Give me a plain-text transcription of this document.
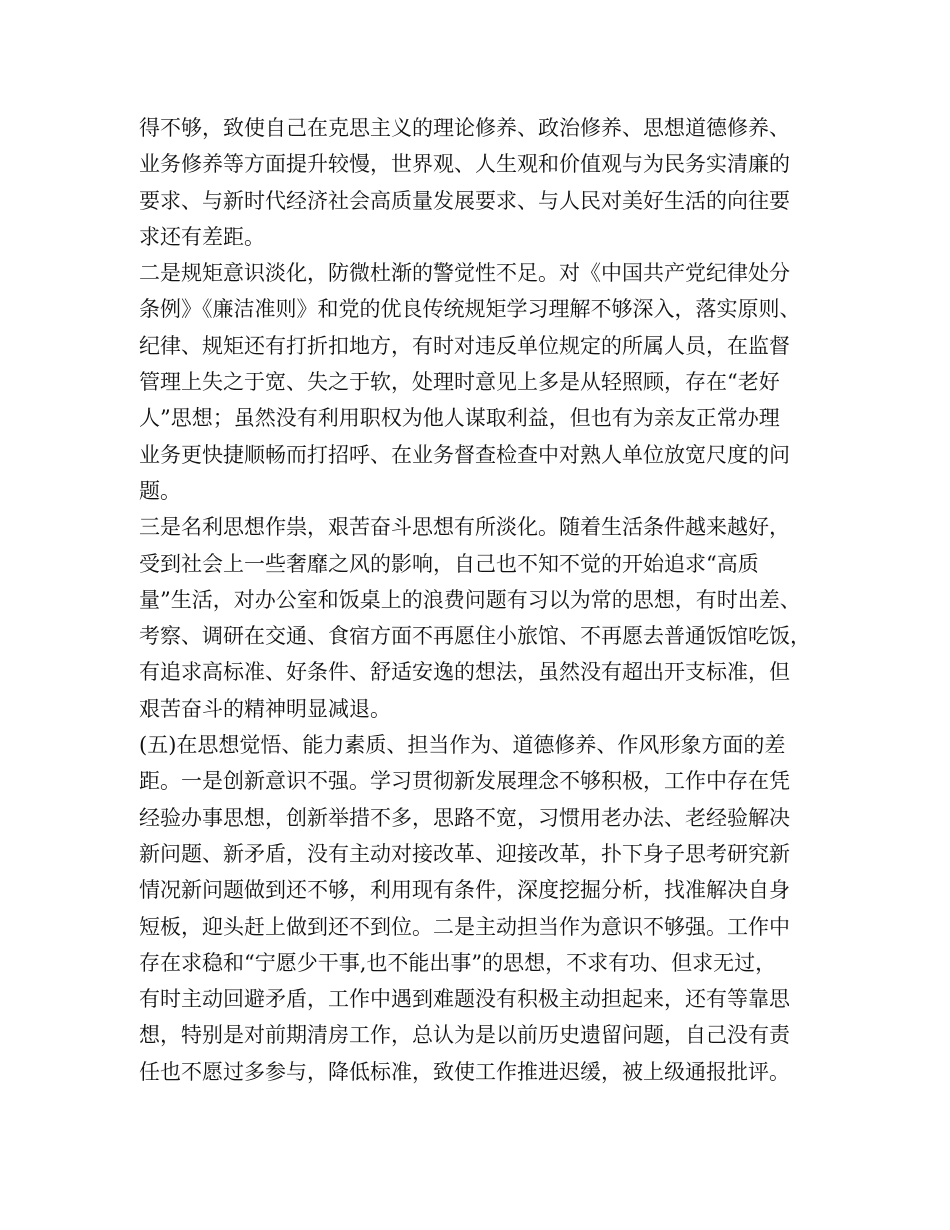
得不够，致使自己在克思主义的理论修养、政治修养、思想道德修养、
业务修养等方面提升较慢，世界观、人生观和价值观与为民务实清廉的
要求、与新时代经济社会高质量发展要求、与人民对美好生活的向往要
求还有差距。
二是规矩意识淡化，防微杜渐的警觉性不足。对《中国共产党纪律处分
条例》《廉洁准则》和党的优良传统规矩学习理解不够深入，落实原则、
纪律、规矩还有打折扣地方，有时对违反单位规定的所属人员，在监督
管理上失之于宽、失之于软，处理时意见上多是从轻照顾，存在“老好
人”思想；虽然没有利用职权为他人谋取利益，但也有为亲友正常办理
业务更快捷顺畅而打招呼、在业务督查检查中对熟人单位放宽尺度的问
题。
三是名利思想作祟，艰苦奋斗思想有所淡化。随着生活条件越来越好，
受到社会上一些奢靡之风的影响，自己也不知不觉的开始追求“高质
量”生活，对办公室和饭桌上的浪费问题有习以为常的思想，有时出差、
考察、调研在交通、食宿方面不再愿住小旅馆、不再愿去普通饭馆吃饭，
有追求高标准、好条件、舒适安逸的想法，虽然没有超出开支标准，但
艰苦奋斗的精神明显减退。
(五)在思想觉悟、能力素质、担当作为、道德修养、作风形象方面的差
距。一是创新意识不强。学习贯彻新发展理念不够积极，工作中存在凭
经验办事思想，创新举措不多，思路不宽，习惯用老办法、老经验解决
新问题、新矛盾，没有主动对接改革、迎接改革，扑下身子思考研究新
情况新问题做到还不够，利用现有条件，深度挖掘分析，找准解决自身
短板，迎头赶上做到还不到位。二是主动担当作为意识不够强。工作中
存在求稳和“宁愿少干事,也不能出事”的思想，不求有功、但求无过，
有时主动回避矛盾，工作中遇到难题没有积极主动担起来，还有等靠思
想，特别是对前期清房工作，总认为是以前历史遗留问题，自己没有责
任也不愿过多参与，降低标准，致使工作推进迟缓，被上级通报批评。
